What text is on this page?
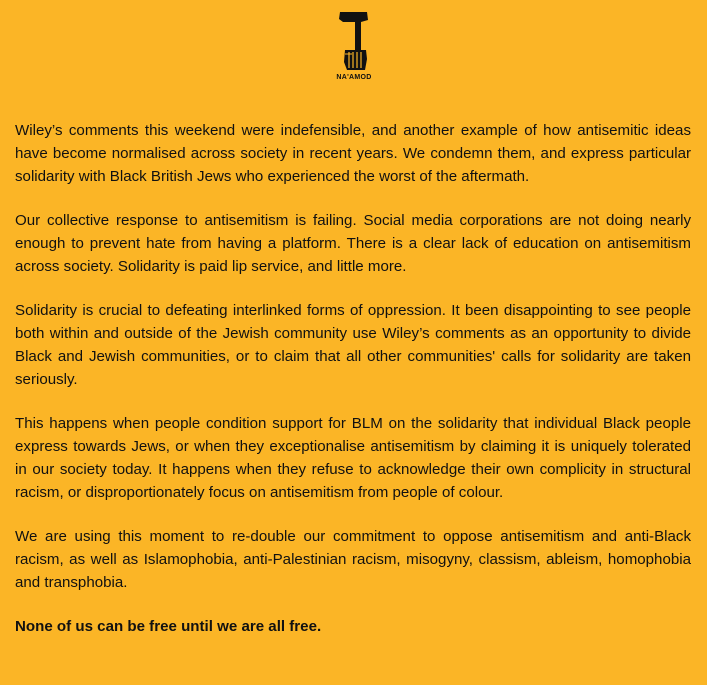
NA'AMOD

Wiley’s comments this weekend were indefensible, and another example of how antisemitic ideas have become normalised across society in recent years. We condemn them, and express particular solidarity with Black British Jews who experienced the worst of the aftermath.

Our collective response to antisemitism is failing. Social media corporations are not doing nearly enough to prevent hate from having a platform. There is a clear lack of education on antisemitism across society. Solidarity is paid lip service, and little more.

Solidarity is crucial to defeating interlinked forms of oppression. It been disappointing to see people both within and outside of the Jewish community use Wiley’s comments as an opportunity to divide Black and Jewish communities, or to claim that all other communities' calls for solidarity are taken seriously.

This happens when people condition support for BLM on the solidarity that individual Black people express towards Jews, or when they exceptionalise antisemitism by claiming it is uniquely tolerated in our society today. It happens when they refuse to acknowledge their own complicity in structural racism, or disproportionately focus on antisemitism from people of colour.

We are using this moment to re-double our commitment to oppose antisemitism and anti-Black racism, as well as Islamophobia, anti-Palestinian racism, misogyny, classism, ableism, homophobia and transphobia.

None of us can be free until we are all free.
